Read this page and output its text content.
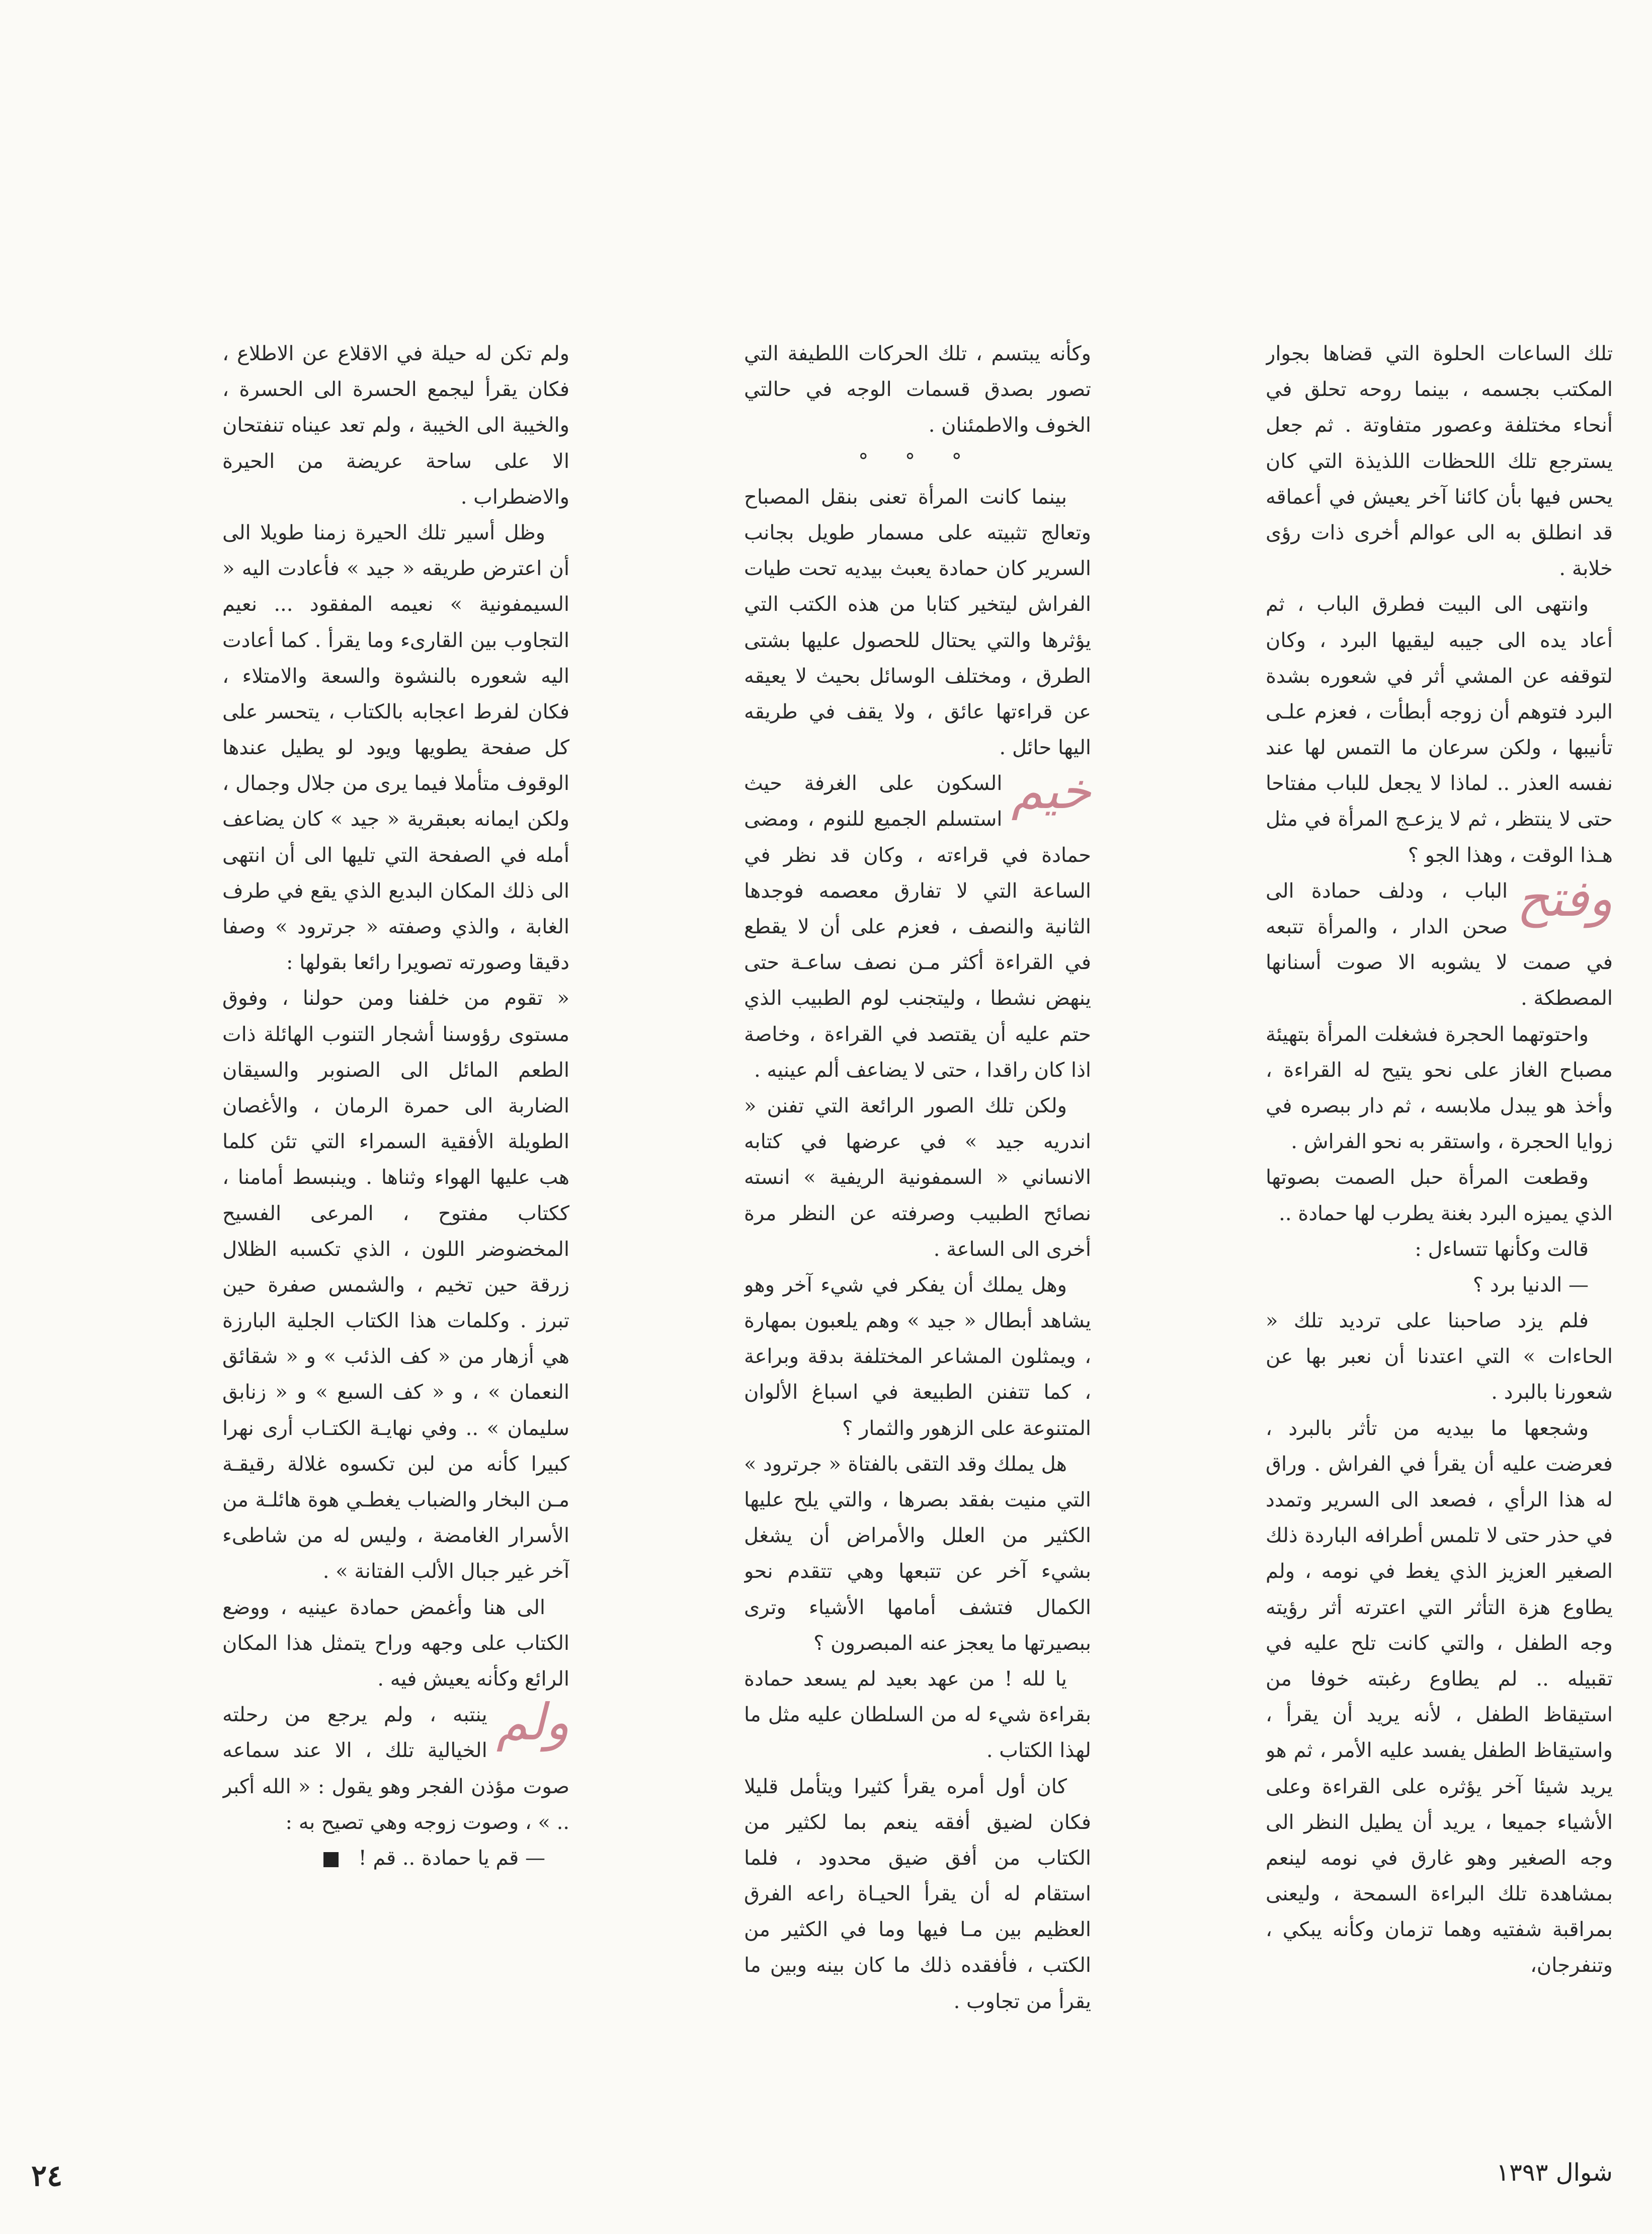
تلك الساعات الحلوة التي قضاها بجوار المكتب بجسمه ، بينما روحه تحلق في أنحاء مختلفة وعصور متفاوتة . ثم جعل يسترجع تلك اللحظات اللذيذة التي كان يحس فيها بأن كائنا آخر يعيش في أعماقه قد انطلق به الى عوالم أخرى ذات رؤى خلابة .

وانتهى الى البيت فطرق الباب ، ثم أعاد يده الى جيبه ليقيها البرد ، وكان لتوقفه عن المشي أثر في شعوره بشدة البرد فتوهم أن زوجه أبطأت ، فعزم علـى تأنيبها ، ولكن سرعان ما التمس لها عند نفسه العذر .. لماذا لا يجعل للباب مفتاحا حتى لا ينتظر ، ثم لا يزعـج المرأة في مثل هـذا الوقت ، وهذا الجو ؟

وفتح
الباب ، ودلف حمادة الى صحن الدار ، والمرأة تتبعه في صمت لا يشوبه الا صوت أسنانها المصطكة .

واحتوتهما الحجرة فشغلت المرأة بتهيئة مصباح الغاز على نحو يتيح له القراءة ، وأخذ هو يبدل ملابسه ، ثم دار ببصره في زوايا الحجرة ، واستقر به نحو الفراش .

وقطعت المرأة حبل الصمت بصوتها الذي يميزه البرد بغنة يطرب لها حمادة ..

قالت وكأنها تتساءل :

— الدنيا برد ؟

فلم يزد صاحبنا على ترديد تلك « الحاءات » التي اعتدنا أن نعبر بها عن شعورنا بالبرد .

وشجعها ما بيديه من تأثر بالبرد ، فعرضت عليه أن يقرأ في الفراش . وراق له هذا الرأي ، فصعد الى السرير وتمدد في حذر حتى لا تلمس أطرافه الباردة ذلك الصغير العزيز الذي يغط في نومه ، ولم يطاوع هزة التأثر التي اعترته أثر رؤيته وجه الطفل ، والتي كانت تلح عليه في تقبيله .. لم يطاوع رغبته خوفا من استيقاظ الطفل ، لأنه يريد أن يقرأ ، واستيقاظ الطفل يفسد عليه الأمر ، ثم هو يريد شيئا آخر يؤثره على القراءة وعلى الأشياء جميعا ، يريد أن يطيل النظر الى وجه الصغير وهو غارق في نومه لينعم بمشاهدة تلك البراءة السمحة ، وليعنى بمراقبة شفتيه وهما تزمان وكأنه يبكي ، وتنفرجان،

وكأنه يبتسم ، تلك الحركات اللطيفة التي تصور بصدق قسمات الوجه في حالتي الخوف والاطمئنان .

° ° °

بينما كانت المرأة تعنى بنقل المصباح وتعالج تثبيته على مسمار طويل بجانب السرير كان حمادة يعبث بيديه تحت طيات الفراش ليتخير كتابا من هذه الكتب التي يؤثرها والتي يحتال للحصول عليها بشتى الطرق ، ومختلف الوسائل بحيث لا يعيقه عن قراءتها عائق ، ولا يقف في طريقه اليها حائل .

خيم
السكون على الغرفة حيث استسلم الجميع للنوم ، ومضى حمادة في قراءته ، وكان قد نظر في الساعة التي لا تفارق معصمه فوجدها الثانية والنصف ، فعزم على أن لا يقطع في القراءة أكثر مـن نصف ساعـة حتى ينهض نشطا ، وليتجنب لوم الطبيب الذي حتم عليه أن يقتصد في القراءة ، وخاصة اذا كان راقدا ، حتى لا يضاعف ألم عينيه .

ولكن تلك الصور الرائعة التي تفنن « اندريه جيد » في عرضها في كتابه الانساني « السمفونية الريفية » انسته نصائح الطبيب وصرفته عن النظر مرة أخرى الى الساعة .

وهل يملك أن يفكر في شيء آخر وهو يشاهد أبطال « جيد » وهم يلعبون بمهارة ، ويمثلون المشاعر المختلفة بدقة وبراعة ، كما تتفنن الطبيعة في اسباغ الألوان المتنوعة على الزهور والثمار ؟

هل يملك وقد التقى بالفتاة « جرترود » التي منيت بفقد بصرها ، والتي يلح عليها الكثير من العلل والأمراض أن يشغل بشيء آخر عن تتبعها وهي تتقدم نحو الكمال فتشف أمامها الأشياء وترى ببصيرتها ما يعجز عنه المبصرون ؟

يا لله ! من عهد بعيد لم يسعد حمادة بقراءة شيء له من السلطان عليه مثل ما لهذا الكتاب .

كان أول أمره يقرأ كثيرا ويتأمل قليلا فكان لضيق أفقه ينعم بما لكثير من الكتاب من أفق ضيق محدود ، فلما استقام له أن يقرأ الحيـاة راعه الفرق العظيم بين مـا فيها وما في الكثير من الكتب ، فأفقده ذلك ما كان بينه وبين ما يقرأ من تجاوب .

ولم تكن له حيلة في الاقلاع عن الاطلاع ، فكان يقرأ ليجمع الحسرة الى الحسرة ، والخيبة الى الخيبة ، ولم تعد عيناه تنفتحان الا على ساحة عريضة من الحيرة والاضطراب .

وظل أسير تلك الحيرة زمنا طويلا الى أن اعترض طريقه « جيد » فأعادت اليه « السيمفونية » نعيمه المفقود ... نعيم التجاوب بين القارىء وما يقرأ . كما أعادت اليه شعوره بالنشوة والسعة والامتلاء ، فكان لفرط اعجابه بالكتاب ، يتحسر على كل صفحة يطويها ويود لو يطيل عندها الوقوف متأملا فيما يرى من جلال وجمال ، ولكن ايمانه بعبقرية « جيد » كان يضاعف أمله في الصفحة التي تليها الى أن انتهى الى ذلك المكان البديع الذي يقع في طرف الغابة ، والذي وصفته « جرترود » وصفا دقيقا وصورته تصويرا رائعا بقولها :

« تقوم من خلفنا ومن حولنا ، وفوق مستوى رؤوسنا أشجار التنوب الهائلة ذات الطعم المائل الى الصنوبر والسيقان الضاربة الى حمرة الرمان ، والأغصان الطويلة الأفقية السمراء التي تئن كلما هب عليها الهواء وثناها . وينبسط أمامنا ، ككتاب مفتوح ، المرعى الفسيح المخضوضر اللون ، الذي تكسبه الظلال زرقة حين تخيم ، والشمس صفرة حين تبرز . وكلمات هذا الكتاب الجلية البارزة هي أزهار من « كف الذئب » و « شقائق النعمان » ، و « كف السبع » و « زنابق سليمان » .. وفي نهايـة الكتـاب أرى نهرا كبيرا كأنه من لبن تكسوه غلالة رقيقـة مـن البخار والضباب يغطـي هوة هائلـة من الأسرار الغامضة ، وليس له من شاطىء آخر غير جبال الألب الفتانة » .

الى هنا وأغمض حمادة عينيه ، ووضع الكتاب على وجهه وراح يتمثل هذا المكان الرائع وكأنه يعيش فيه .

ولم
ينتبه ، ولم يرجع من رحلته الخيالية تلك ، الا عند سماعه صوت مؤذن الفجر وهو يقول : « الله أكبر .. » ، وصوت زوجه وهي تصيح به :

— قم يا حمادة .. قم !

شوال ١٣٩٣
٢٤
